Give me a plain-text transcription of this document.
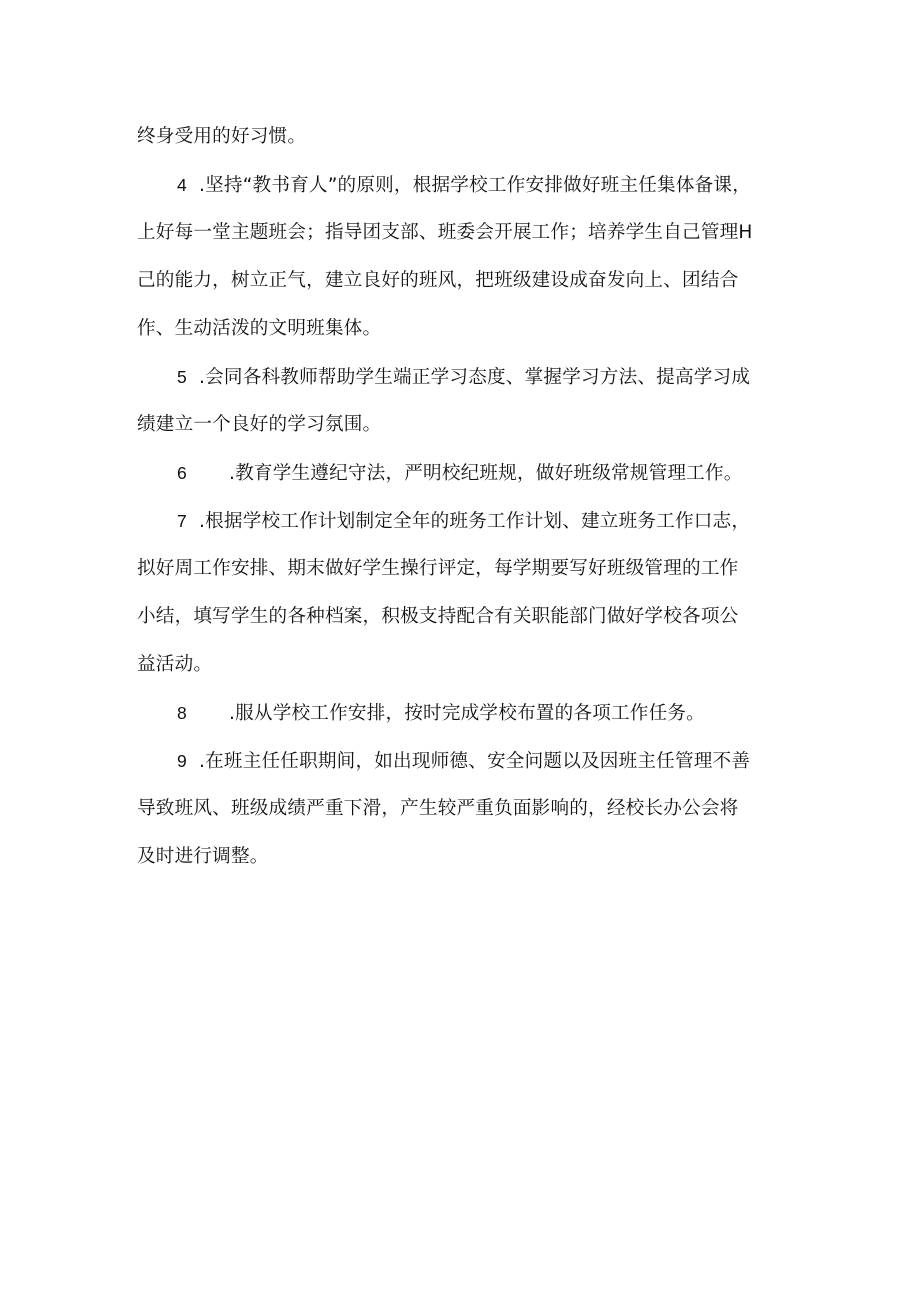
终身受用的好习惯。
4 .坚持“教书育人”的原则，根据学校工作安排做好班主任集体备课，
上好每一堂主题班会；指导团支部、班委会开展工作；培养学生自己管理H
己的能力，树立正气，建立良好的班风，把班级建设成奋发向上、团结合
作、生动活泼的文明班集体。
5 .会同各科教师帮助学生端正学习态度、掌握学习方法、提高学习成
绩建立一个良好的学习氛围。
6 .教育学生遵纪守法，严明校纪班规，做好班级常规管理工作。
7 .根据学校工作计划制定全年的班务工作计划、建立班务工作口志，
拟好周工作安排、期末做好学生操行评定，每学期要写好班级管理的工作
小结，填写学生的各种档案，积极支持配合有关职能部门做好学校各项公
益活动。
8 .服从学校工作安排，按时完成学校布置的各项工作任务。
9 .在班主任任职期间，如出现师德、安全问题以及因班主任管理不善
导致班风、班级成绩严重下滑，产生较严重负面影响的，经校长办公会将
及时进行调整。
